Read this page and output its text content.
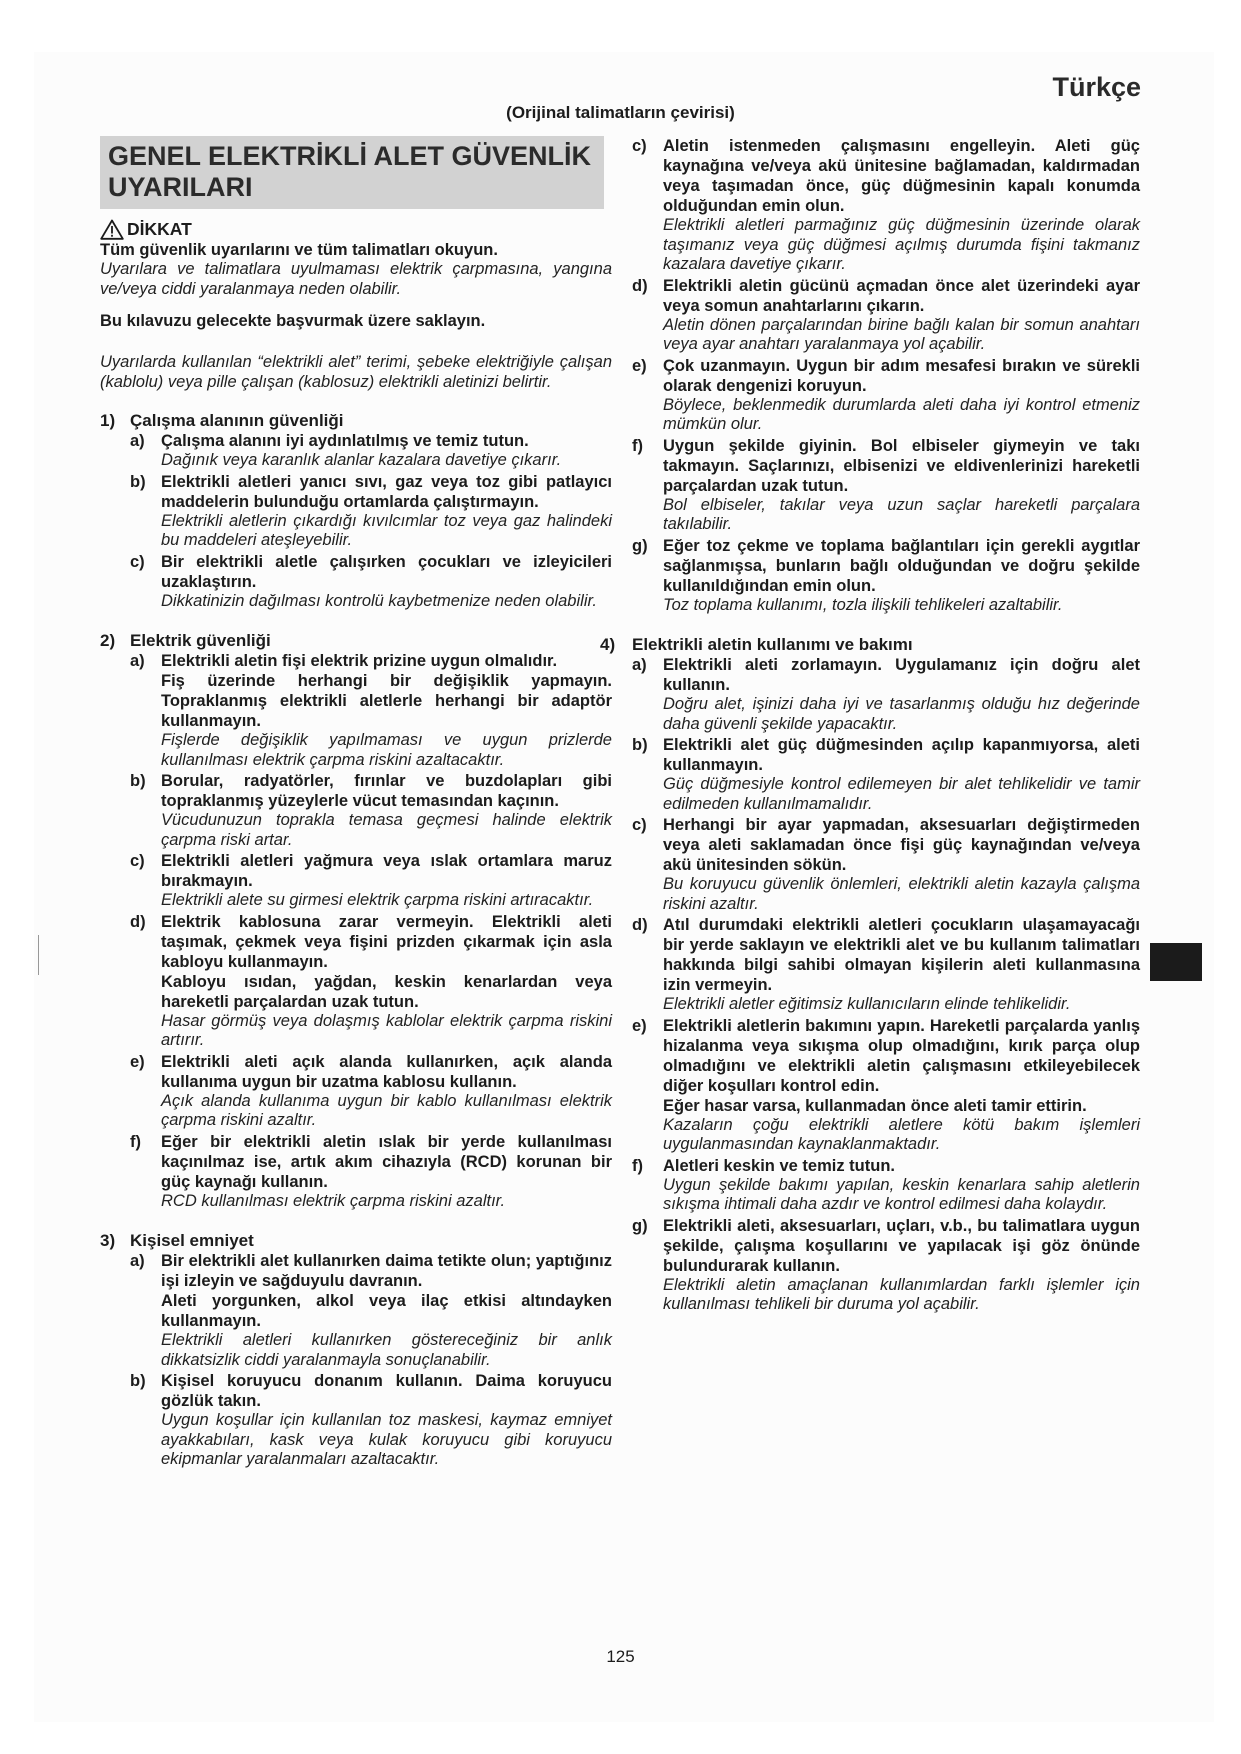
Türkçe
(Orijinal talimatların çevirisi)
GENEL ELEKTRİKLİ ALET GÜVENLİK UYARILARI
DİKKAT

Tüm güvenlik uyarılarını ve tüm talimatları okuyun.

Uyarılara ve talimatlara uyulmaması elektrik çarpmasına, yangına ve/veya ciddi yaralanmaya neden olabilir.

Bu kılavuzu gelecekte başvurmak üzere saklayın.

Uyarılarda kullanılan “elektrikli alet” terimi, şebeke elektriğiyle çalışan (kablolu) veya pille çalışan (kablosuz) elektrikli aletinizi belirtir.

1) Çalışma alanının güvenliği
a) Çalışma alanını iyi aydınlatılmış ve temiz tutun.

Dağınık veya karanlık alanlar kazalara davetiye çıkarır.

b) Elektrikli aletleri yanıcı sıvı, gaz veya toz gibi patlayıcı maddelerin bulunduğu ortamlarda çalıştırmayın.

Elektrikli aletlerin çıkardığı kıvılcımlar toz veya gaz halindeki bu maddeleri ateşleyebilir.

c) Bir elektrikli aletle çalışırken çocukları ve izleyicileri uzaklaştırın.

Dikkatinizin dağılması kontrolü kaybetmenize neden olabilir.

2) Elektrik güvenliği
a) Elektrikli aletin fişi elektrik prizine uygun olmalıdır.

Fiş üzerinde herhangi bir değişiklik yapmayın. Topraklanmış elektrikli aletlerle herhangi bir adaptör kullanmayın.

Fişlerde değişiklik yapılmaması ve uygun prizlerde kullanılması elektrik çarpma riskini azaltacaktır.

b) Borular, radyatörler, fırınlar ve buzdolapları gibi topraklanmış yüzeylerle vücut temasından kaçının.

Vücudunuzun toprakla temasa geçmesi halinde elektrik çarpma riski artar.

c) Elektrikli aletleri yağmura veya ıslak ortamlara maruz bırakmayın.

Elektrikli alete su girmesi elektrik çarpma riskini artıracaktır.

d) Elektrik kablosuna zarar vermeyin. Elektrikli aleti taşımak, çekmek veya fişini prizden çıkarmak için asla kabloyu kullanmayın.

Kabloyu ısıdan, yağdan, keskin kenarlardan veya hareketli parçalardan uzak tutun.

Hasar görmüş veya dolaşmış kablolar elektrik çarpma riskini artırır.

e) Elektrikli aleti açık alanda kullanırken, açık alanda kullanıma uygun bir uzatma kablosu kullanın.

Açık alanda kullanıma uygun bir kablo kullanılması elektrik çarpma riskini azaltır.

f)	Eğer bir elektrikli aletin ıslak bir yerde kullanılması kaçınılmaz ise, artık akım cihazıyla (RCD) korunan bir güç kaynağı kullanın.

RCD kullanılması elektrik çarpma riskini azaltır.

3) Kişisel emniyet
a) Bir elektrikli alet kullanırken daima tetikte olun; yaptığınız işi izleyin ve sağduyulu davranın.

Aleti yorgunken, alkol veya ilaç etkisi altındayken kullanmayın.

Elektrikli aletleri kullanırken göstereceğiniz bir anlık dikkatsizlik ciddi yaralanmayla sonuçlanabilir.

b) Kişisel koruyucu donanım kullanın. Daima koruyucu gözlük takın.

Uygun koşullar için kullanılan toz maskesi, kaymaz emniyet ayakkabıları, kask veya kulak koruyucu gibi koruyucu ekipmanlar yaralanmaları azaltacaktır.

c) Aletin istenmeden çalışmasını engelleyin. Aleti güç kaynağına ve/veya akü ünitesine bağlamadan, kaldırmadan veya taşımadan önce, güç düğmesinin kapalı konumda olduğundan emin olun.

Elektrikli aletleri parmağınız güç düğmesinin üzerinde olarak taşımanız veya güç düğmesi açılmış durumda fişini takmanız kazalara davetiye çıkarır.

d) Elektrikli aletin gücünü açmadan önce alet üzerindeki ayar veya somun anahtarlarını çıkarın.

Aletin dönen parçalarından birine bağlı kalan bir somun anahtarı veya ayar anahtarı yaralanmaya yol açabilir.

e) Çok uzanmayın. Uygun bir adım mesafesi bırakın ve sürekli olarak dengenizi koruyun.

Böylece, beklenmedik durumlarda aleti daha iyi kontrol etmeniz mümkün olur.

f)	Uygun şekilde giyinin. Bol elbiseler giymeyin ve takı takmayın. Saçlarınızı, elbisenizi ve eldivenlerinizi hareketli parçalardan uzak tutun.

Bol elbiseler, takılar veya uzun saçlar hareketli parçalara takılabilir.

g) Eğer toz çekme ve toplama bağlantıları için gerekli aygıtlar sağlanmışsa, bunların bağlı olduğundan ve doğru şekilde kullanıldığından emin olun.

Toz toplama kullanımı, tozla ilişkili tehlikeleri azaltabilir.

4) Elektrikli aletin kullanımı ve bakımı
a) Elektrikli aleti zorlamayın. Uygulamanız için doğru alet kullanın.

Doğru alet, işinizi daha iyi ve tasarlanmış olduğu hız değerinde daha güvenli şekilde yapacaktır.

b) Elektrikli alet güç düğmesinden açılıp kapanmıyorsa, aleti kullanmayın.

Güç düğmesiyle kontrol edilemeyen bir alet tehlikelidir ve tamir edilmeden kullanılmamalıdır.

c) Herhangi bir ayar yapmadan, aksesuarları değiştirmeden veya aleti saklamadan önce fişi güç kaynağından ve/veya akü ünitesinden sökün.

Bu koruyucu güvenlik önlemleri, elektrikli aletin kazayla çalışma riskini azaltır.

d) Atıl durumdaki elektrikli aletleri çocukların ulaşamayacağı bir yerde saklayın ve elektrikli alet ve bu kullanım talimatları hakkında bilgi sahibi olmayan kişilerin aleti kullanmasına izin vermeyin.

Elektrikli aletler eğitimsiz kullanıcıların elinde tehlikelidir.

e) Elektrikli aletlerin bakımını yapın. Hareketli parçalarda yanlış hizalanma veya sıkışma olup olmadığını, kırık parça olup olmadığını ve elektrikli aletin çalışmasını etkileyebilecek diğer koşulları kontrol edin.

Eğer hasar varsa, kullanmadan önce aleti tamir ettirin.

Kazaların çoğu elektrikli aletlere kötü bakım işlemleri uygulanmasından kaynaklanmaktadır.

f)	Aletleri keskin ve temiz tutun.

Uygun şekilde bakımı yapılan, keskin kenarlara sahip aletlerin sıkışma ihtimali daha azdır ve kontrol edilmesi daha kolaydır.

g) Elektrikli aleti, aksesuarları, uçları, v.b., bu talimatlara uygun şekilde, çalışma koşullarını ve yapılacak işi göz önünde bulundurarak kullanın.

Elektrikli aletin amaçlanan kullanımlardan farklı işlemler için kullanılması tehlikeli bir duruma yol açabilir.

125
